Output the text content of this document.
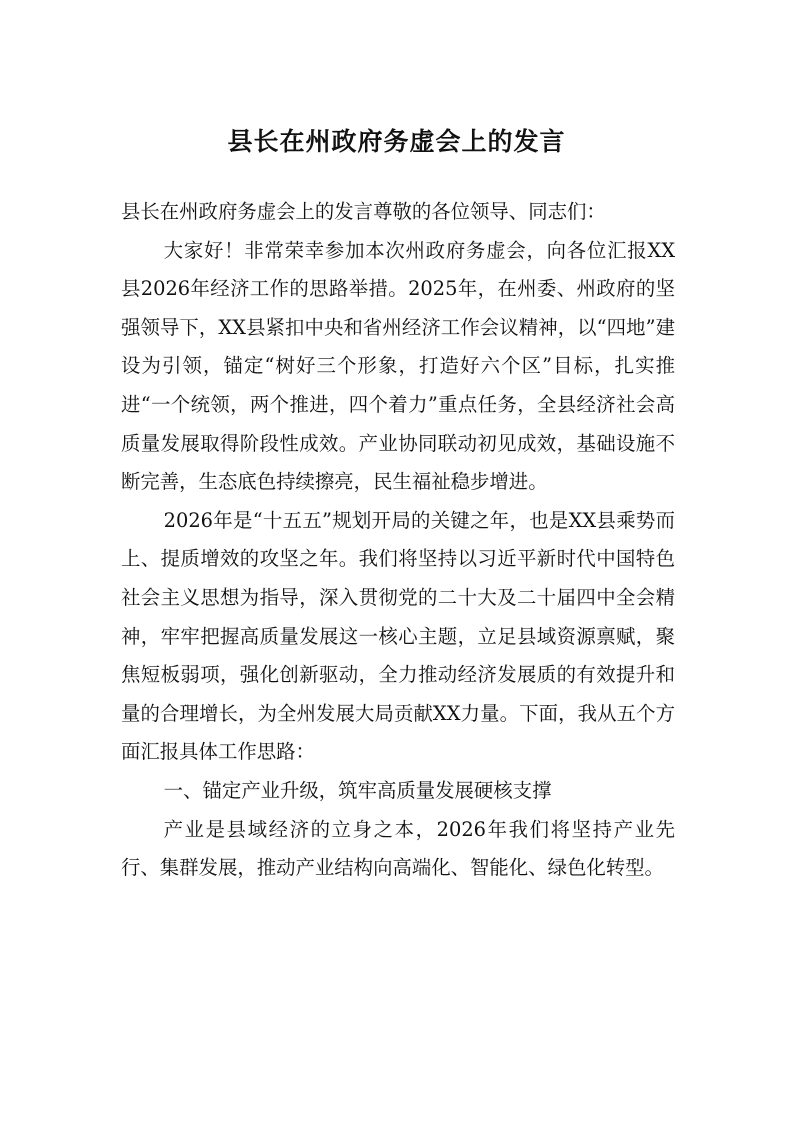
县长在州政府务虚会上的发言

县长在州政府务虚会上的发言尊敬的各位领导、同志们：

大家好！非常荣幸参加本次州政府务虚会，向各位汇报XX县2026年经济工作的思路举措。2025年，在州委、州政府的坚强领导下，XX县紧扣中央和省州经济工作会议精神，以“四地”建设为引领，锚定“树好三个形象，打造好六个区”目标，扎实推进“一个统领，两个推进，四个着力”重点任务，全县经济社会高质量发展取得阶段性成效。产业协同联动初见成效，基础设施不断完善，生态底色持续擦亮，民生福祉稳步增进。

2026年是“十五五”规划开局的关键之年，也是XX县乘势而上、提质增效的攻坚之年。我们将坚持以习近平新时代中国特色社会主义思想为指导，深入贯彻党的二十大及二十届四中全会精神，牢牢把握高质量发展这一核心主题，立足县域资源禀赋，聚焦短板弱项，强化创新驱动，全力推动经济发展质的有效提升和量的合理增长，为全州发展大局贡献XX力量。下面，我从五个方面汇报具体工作思路：

一、锚定产业升级，筑牢高质量发展硬核支撑

产业是县域经济的立身之本，2026年我们将坚持产业先行、集群发展，推动产业结构向高端化、智能化、绿色化转型。
